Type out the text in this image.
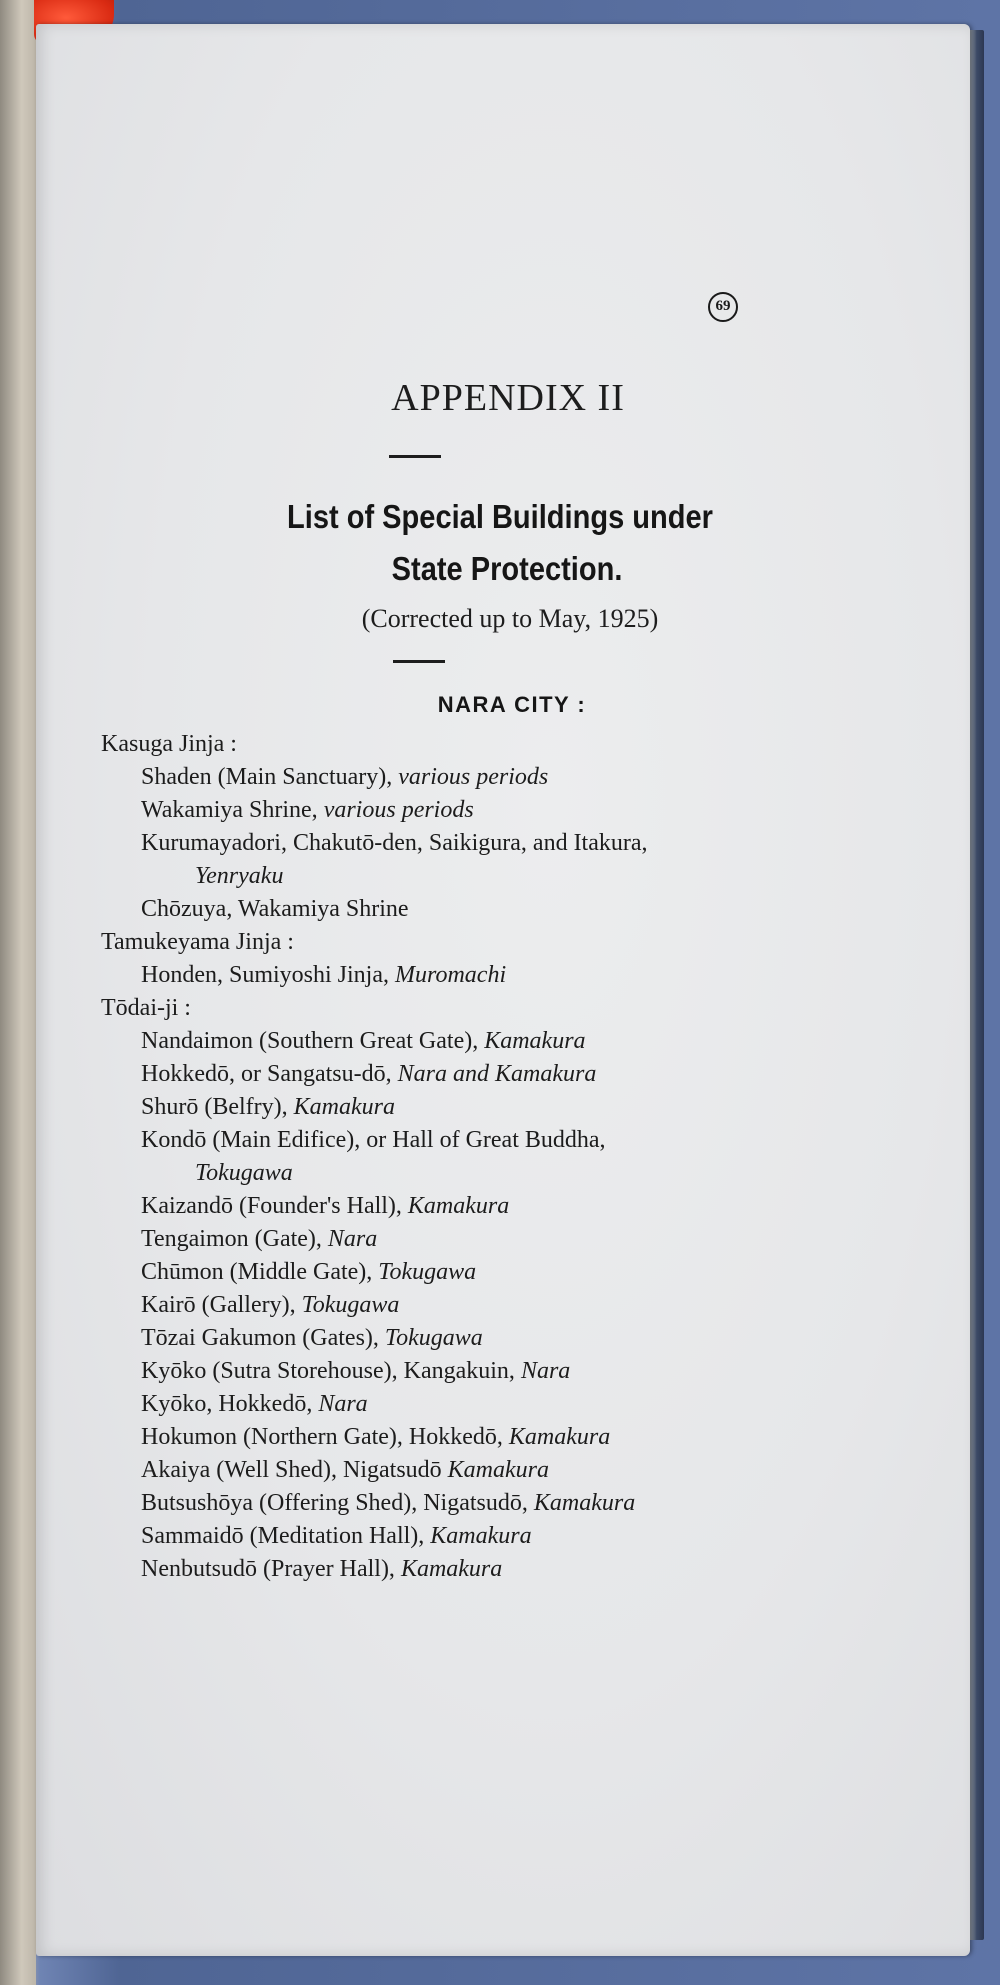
69
APPENDIX II
List of Special Buildings under
State Protection.
(Corrected up to May, 1925)
NARA CITY :
Kasuga Jinja :
Shaden (Main Sanctuary), various periods
Wakamiya Shrine, various periods
Kurumayadori, Chakutō-den, Saikigura, and Itakura,
Yenryaku
Chōzuya, Wakamiya Shrine
Tamukeyama Jinja :
Honden, Sumiyoshi Jinja, Muromachi
Tōdai-ji :
Nandaimon (Southern Great Gate), Kamakura
Hokkedō, or Sangatsu-dō, Nara and Kamakura
Shurō (Belfry), Kamakura
Kondō (Main Edifice), or Hall of Great Buddha,
Tokugawa
Kaizandō (Founder's Hall), Kamakura
Tengaimon (Gate), Nara
Chūmon (Middle Gate), Tokugawa
Kairō (Gallery), Tokugawa
Tōzai Gakumon (Gates), Tokugawa
Kyōko (Sutra Storehouse), Kangakuin, Nara
Kyōko, Hokkedō, Nara
Hokumon (Northern Gate), Hokkedō, Kamakura
Akaiya (Well Shed), Nigatsudō Kamakura
Butsushōya (Offering Shed), Nigatsudō, Kamakura
Sammaidō (Meditation Hall), Kamakura
Nenbutsudō (Prayer Hall), Kamakura
